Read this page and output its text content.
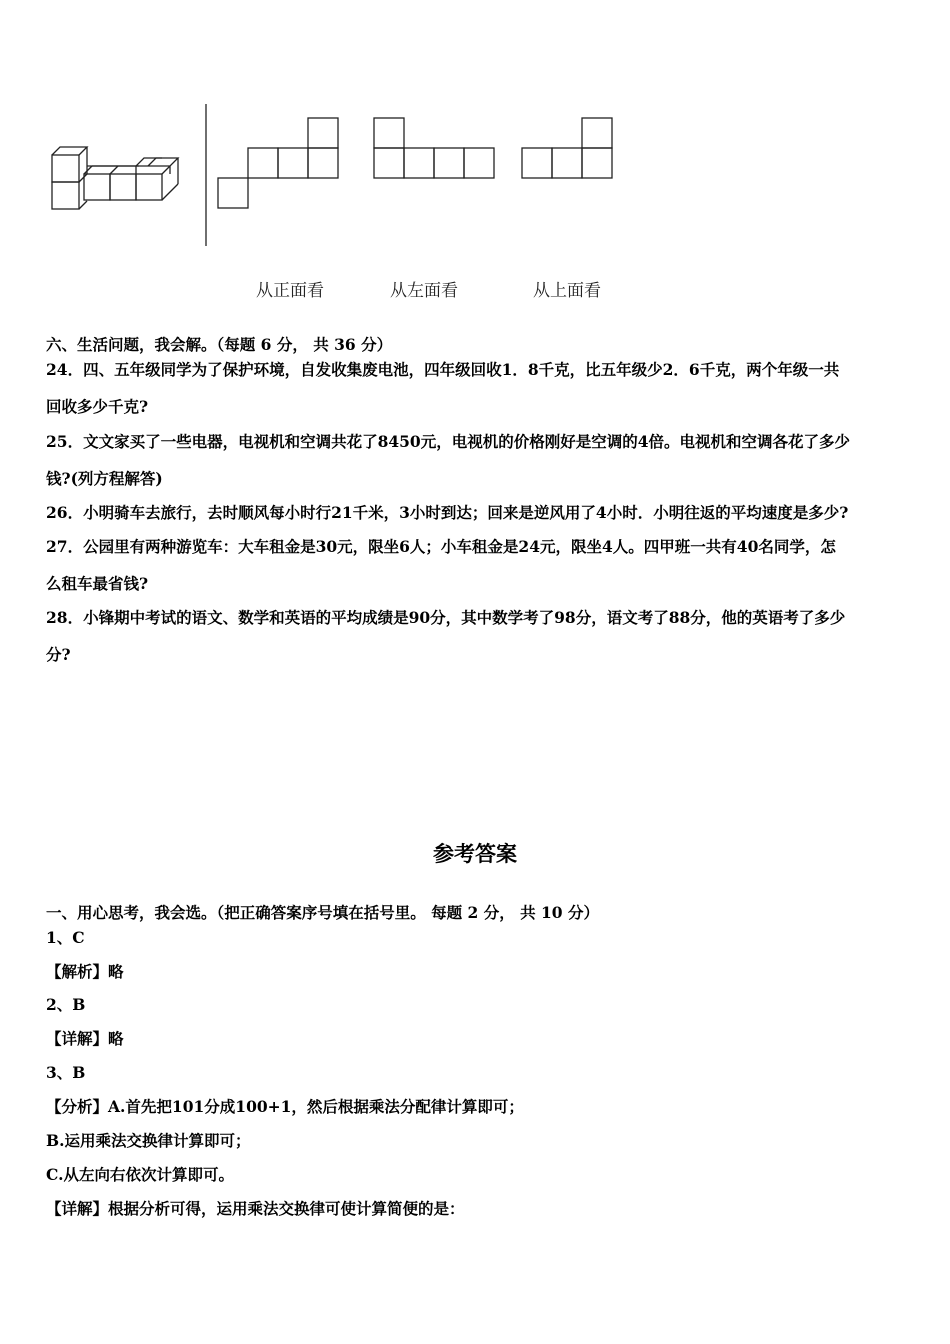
从正面看	从左面看	从上面看
六、生活问题，我会解。（每题 6 分， 共 36 分）
24．四、五年级同学为了保护环境，自发收集废电池，四年级回收1．8千克，比五年级少2．6千克，两个年级一共
回收多少千克?
25．文文家买了一些电器，电视机和空调共花了8450元，电视机的价格刚好是空调的4倍。电视机和空调各花了多少
钱?(列方程解答)
26．小明骑车去旅行，去时顺风每小时行21千米，3小时到达；回来是逆风用了4小时．小明往返的平均速度是多少?
27．公园里有两种游览车：大车租金是30元，限坐6人；小车租金是24元，限坐4人。四甲班一共有40名同学，怎
么租车最省钱?
28．小锋期中考试的语文、数学和英语的平均成绩是90分，其中数学考了98分，语文考了88分，他的英语考了多少
分?
参考答案
一、用心思考，我会选。（把正确答案序号填在括号里。 每题 2 分， 共 10 分）
1、C
【解析】略
2、B
【详解】略
3、B
【分析】A.首先把101分成100+1，然后根据乘法分配律计算即可；
B.运用乘法交换律计算即可；
C.从左向右依次计算即可。
【详解】根据分析可得，运用乘法交换律可使计算简便的是：
